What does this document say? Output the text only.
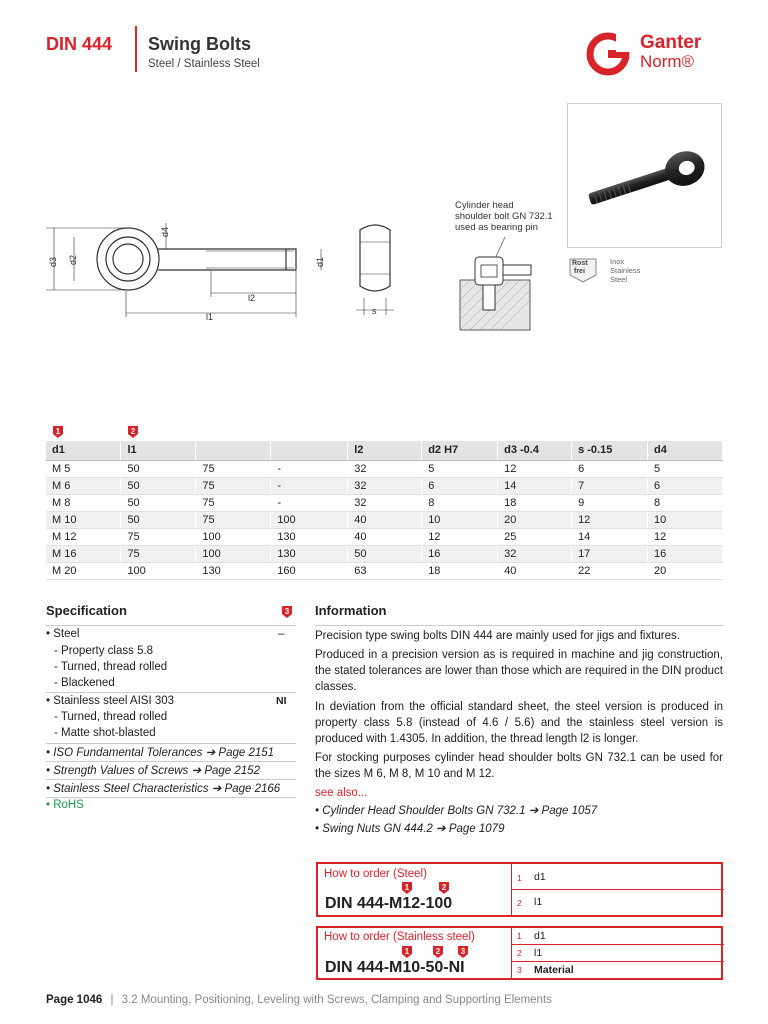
DIN 444 Swing Bolts
Steel / Stainless Steel
Ganter
Norm®
d3 d2
d4
d1
l2
l1
s
Cylinder head
shoulder bolt GN 732.1
used as bearing pin
Rost
frei
Inox
Stainless
Steel
1	2
d1	l1			l2	d2 H7	d3 -0.4	s -0.15	d4
M 5	50	75	-	32	5	12	6	5
M 6	50	75	-	32	6	14	7	6
M 8	50	75	-	32	8	18	9	8
M 10	50	75	100	40	10	20	12	10
M 12	75	100	130	40	12	25	14	12
M 16	75	100	130	50	16	32	17	16
M 20	100	130	160	63	18	40	22	20
Specification	3
• Steel	–
- Property class 5.8
- Turned, thread rolled
- Blackened
• Stainless steel AISI 303	NI
- Turned, thread rolled
- Matte shot-blasted
• ISO Fundamental Tolerances ➔ Page 2151
• Strength Values of Screws ➔ Page 2152
• Stainless Steel Characteristics ➔ Page 2166
• RoHS
Information

Precision type swing bolts DIN 444 are mainly used for jigs and fixtures.

Produced in a precision version as is required in machine and jig construction, the stated tolerances are lower than those which are required in the DIN product classes.

In deviation from the official standard sheet, the steel version is produced in property class 5.8 (instead of 4.6 / 5.6) and the stainless steel version is produced with 1.4305. In addition, the thread length l2 is longer.

For stocking purposes cylinder head shoulder bolts GN 732.1 can be used for the sizes M 6, M 8, M 10 and M 12.

see also...
• Cylinder Head Shoulder Bolts GN 732.1 ➔ Page 1057
• Swing Nuts GN 444.2 ➔ Page 1079
How to order (Steel)
DIN 444-M12-100
1	2
1 d1
2 l1
How to order (Stainless steel)
DIN 444-M10-50-NI
1	2	3
1 d1
2 l1
3 Material
Page 1046 | 3.2 Mounting, Positioning, Leveling with Screws, Clamping and Supporting Elements
